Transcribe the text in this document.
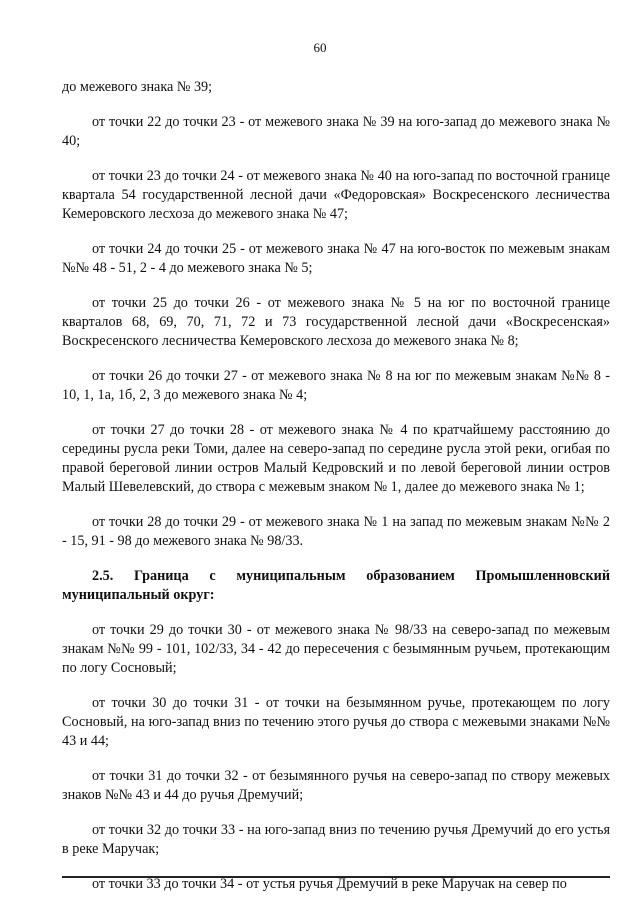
60

до межевого знака № 39;

от точки 22 до точки 23 - от межевого знака № 39 на юго-запад до межевого знака № 40;

от точки 23 до точки 24 - от межевого знака № 40 на юго-запад по восточной границе квартала 54 государственной лесной дачи «Федоровская» Воскресенского лесничества Кемеровского лесхоза до межевого знака № 47;

от точки 24 до точки 25 - от межевого знака № 47 на юго-восток по межевым знакам №№ 48 - 51, 2 - 4 до межевого знака № 5;

от точки 25 до точки 26 - от межевого знака № 5 на юг по восточной границе кварталов 68, 69, 70, 71, 72 и 73 государственной лесной дачи «Воскресенская» Воскресенского лесничества Кемеровского лесхоза до межевого знака № 8;

от точки 26 до точки 27 - от межевого знака № 8 на юг по межевым знакам №№ 8 - 10, 1, 1а, 1б, 2, 3 до межевого знака № 4;

от точки 27 до точки 28 - от межевого знака № 4 по кратчайшему расстоянию до середины русла реки Томи, далее на северо-запад по середине русла этой реки, огибая по правой береговой линии остров Малый Кедровский и по левой береговой линии остров Малый Шевелевский, до створа с межевым знаком № 1, далее до межевого знака № 1;

от точки 28 до точки 29 - от межевого знака № 1 на запад по межевым знакам №№ 2 - 15, 91 - 98 до межевого знака № 98/33.

2.5. Граница с муниципальным образованием Промышленновский муниципальный округ:

от точки 29 до точки 30 - от межевого знака № 98/33 на северо-запад по межевым знакам №№ 99 - 101, 102/33, 34 - 42 до пересечения с безымянным ручьем, протекающим по логу Сосновый;

от точки 30 до точки 31 - от точки на безымянном ручье, протекающем по логу Сосновый, на юго-запад вниз по течению этого ручья до створа с межевыми знаками №№ 43 и 44;

от точки 31 до точки 32 - от безымянного ручья на северо-запад по створу межевых знаков №№ 43 и 44 до ручья Дремучий;

от точки 32 до точки 33 - на юго-запад вниз по течению ручья Дремучий до его устья в реке Маручак;

от точки 33 до точки 34 - от устья ручья Дремучий в реке Маручак на север по
